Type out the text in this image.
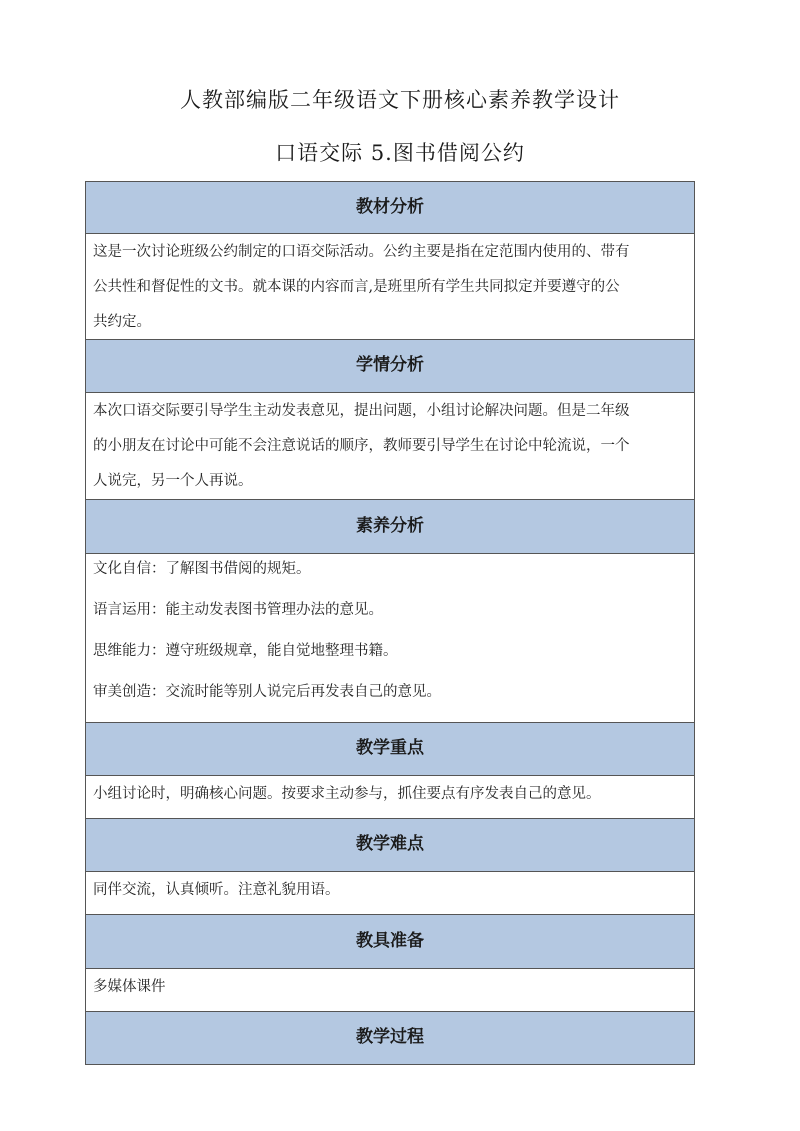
人教部编版二年级语文下册核心素养教学设计
口语交际 5.图书借阅公约
教材分析

这是一次讨论班级公约制定的口语交际活动。公约主要是指在定范围内使用的、带有

公共性和督促性的文书。就本课的内容而言,是班里所有学生共同拟定并要遵守的公

共约定。

学情分析

本次口语交际要引导学生主动发表意见，提出问题，小组讨论解决问题。但是二年级

的小朋友在讨论中可能不会注意说话的顺序，教师要引导学生在讨论中轮流说，一个

人说完，另一个人再说。

素养分析

文化自信：了解图书借阅的规矩。

语言运用：能主动发表图书管理办法的意见。

思维能力：遵守班级规章，能自觉地整理书籍。

审美创造：交流时能等别人说完后再发表自己的意见。

教学重点

小组讨论时，明确核心问题。按要求主动参与，抓住要点有序发表自己的意见。

教学难点

同伴交流，认真倾听。注意礼貌用语。

教具准备

多媒体课件

教学过程
